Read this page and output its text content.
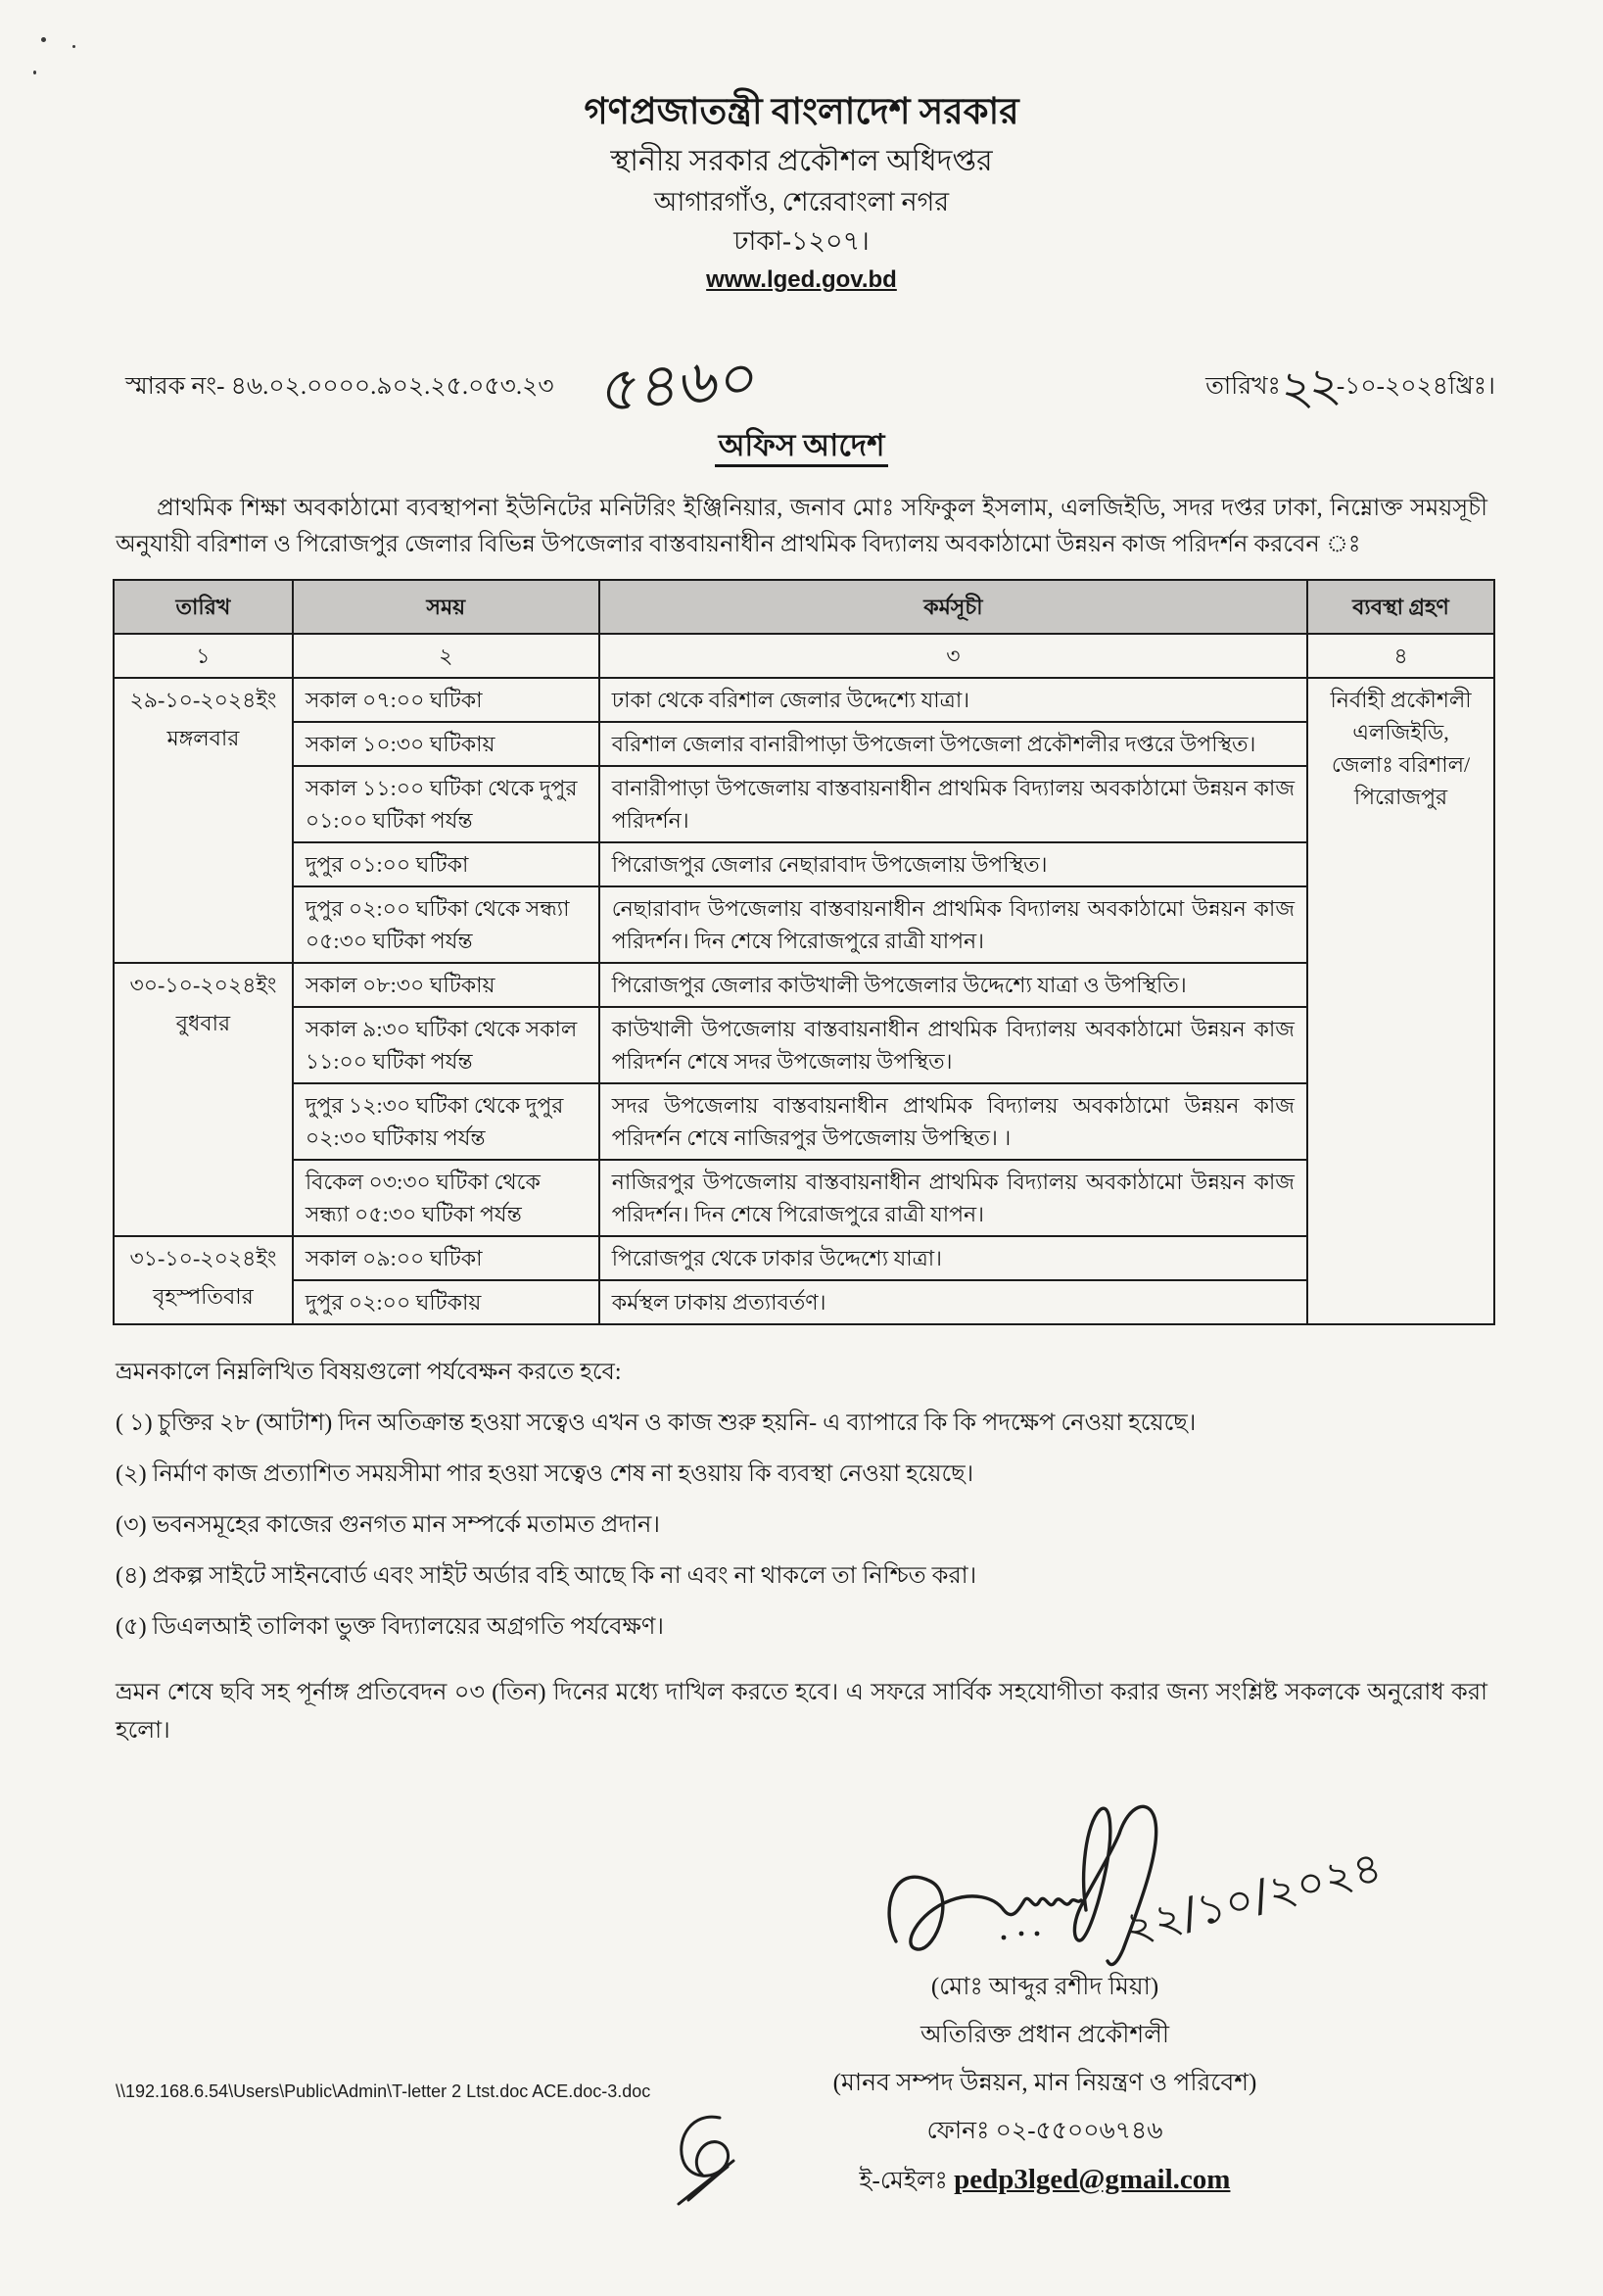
গণপ্রজাতন্ত্রী বাংলাদেশ সরকার
স্থানীয় সরকার প্রকৌশল অধিদপ্তর
আগারগাঁও, শেরেবাংলা নগর
ঢাকা-১২০৭।
www.lged.gov.bd
স্মারক নং- ৪৬.০২.০০০০.৯০২.২৫.০৫৩.২৩ ৫৪৬০	তারিখঃ২২-১০-২০২৪খ্রিঃ।
অফিস আদেশ

প্রাথমিক শিক্ষা অবকাঠামো ব্যবস্থাপনা ইউনিটের মনিটরিং ইঞ্জিনিয়ার, জনাব মোঃ সফিকুল ইসলাম, এলজিইডি, সদর দপ্তর ঢাকা, নিম্নোক্ত সময়সূচী অনুযায়ী বরিশাল ও পিরোজপুর জেলার বিভিন্ন উপজেলার বাস্তবায়নাধীন প্রাথমিক বিদ্যালয় অবকাঠামো উন্নয়ন কাজ পরিদর্শন করবেন ঃ

তারিখ	সময়	কর্মসূচী	ব্যবস্থা গ্রহণ
১	২	৩	৪
২৯-১০-২০২৪ইং
মঙ্গলবার
	সকাল ০৭:০০ ঘটিকা	ঢাকা থেকে বরিশাল জেলার উদ্দেশ্যে যাত্রা।	নির্বাহী প্রকৌশলী
এলজিইডি,
জেলাঃ বরিশাল/
পিরোজপুর

	সকাল ১০:৩০ ঘটিকায়	বরিশাল জেলার বানারীপাড়া উপজেলা উপজেলা প্রকৌশলীর দপ্তরে উপস্থিত।	
	সকাল ১১:০০ ঘটিকা থেকে দুপুর ০১:০০ ঘটিকা পর্যন্ত	বানারীপাড়া উপজেলায় বাস্তবায়নাধীন প্রাথমিক বিদ্যালয় অবকাঠামো উন্নয়ন কাজ পরিদর্শন।	
	দুপুর ০১:০০ ঘটিকা	পিরোজপুর জেলার নেছারাবাদ উপজেলায় উপস্থিত।	
	দুপুর ০২:০০ ঘটিকা থেকে সন্ধ্যা ০৫:৩০ ঘটিকা পর্যন্ত	নেছারাবাদ উপজেলায় বাস্তবায়নাধীন প্রাথমিক বিদ্যালয় অবকাঠামো উন্নয়ন কাজ পরিদর্শন। দিন শেষে পিরোজপুরে রাত্রী যাপন।	
৩০-১০-২০২৪ইং
বুধবার	সকাল ০৮:৩০ ঘটিকায়	পিরোজপুর জেলার কাউখালী উপজেলার উদ্দেশ্যে যাত্রা ও উপস্থিতি।	
	সকাল ৯:৩০ ঘটিকা থেকে সকাল ১১:০০ ঘটিকা পর্যন্ত	কাউখালী উপজেলায় বাস্তবায়নাধীন প্রাথমিক বিদ্যালয় অবকাঠামো উন্নয়ন কাজ পরিদর্শন শেষে সদর উপজেলায় উপস্থিত।	
	দুপুর ১২:৩০ ঘটিকা থেকে দুপুর ০২:৩০ ঘটিকায় পর্যন্ত	সদর উপজেলায় বাস্তবায়নাধীন প্রাথমিক বিদ্যালয় অবকাঠামো উন্নয়ন কাজ পরিদর্শন শেষে নাজিরপুর উপজেলায় উপস্থিত। ।	
	বিকেল ০৩:৩০ ঘটিকা থেকে সন্ধ্যা ০৫:৩০ ঘটিকা পর্যন্ত	নাজিরপুর উপজেলায় বাস্তবায়নাধীন প্রাথমিক বিদ্যালয় অবকাঠামো উন্নয়ন কাজ পরিদর্শন। দিন শেষে পিরোজপুরে রাত্রী যাপন।	
৩১-১০-২০২৪ইং
বৃহস্পতিবার	সকাল ০৯:০০ ঘটিকা	পিরোজপুর থেকে ঢাকার উদ্দেশ্যে যাত্রা।	
	দুপুর ০২:০০ ঘটিকায়	কর্মস্থল ঢাকায় প্রত্যাবর্তণ।	
ভ্রমনকালে নিম্নলিখিত বিষয়গুলো পর্যবেক্ষন করতে হবে:
( ১) চুক্তির ২৮ (আটাশ) দিন অতিক্রান্ত হওয়া সত্বেও এখন ও কাজ শুরু হয়নি- এ ব্যাপারে কি কি পদক্ষেপ নেওয়া হয়েছে।
(২) নির্মাণ কাজ প্রত্যাশিত সময়সীমা পার হওয়া সত্বেও শেষ না হওয়ায় কি ব্যবস্থা নেওয়া হয়েছে।
(৩) ভবনসমূহের কাজের গুনগত মান সম্পর্কে মতামত প্রদান।
(৪) প্রকল্প সাইটে সাইনবোর্ড এবং সাইট অর্ডার বহি আছে কি না এবং না থাকলে তা নিশ্চিত করা।
(৫) ডিএলআই তালিকা ভুক্ত বিদ্যালয়ের অগ্রগতি পর্যবেক্ষণ।

ভ্রমন শেষে ছবি সহ পূর্নাঙ্গ প্রতিবেদন ০৩ (তিন) দিনের মধ্যে দাখিল করতে হবে। এ সফরে সার্বিক সহযোগীতা করার জন্য সংশ্লিষ্ট সকলকে অনুরোধ করা হলো।

২২/১০/২০২৪
(মোঃ আব্দুর রশীদ মিয়া)
অতিরিক্ত প্রধান প্রকৌশলী
(মানব সম্পদ উন্নয়ন, মান নিয়ন্ত্রণ ও পরিবেশ)
ফোনঃ ০২-৫৫০০৬৭৪৬
ই-মেইলঃ pedp3lged@gmail.com
\\192.168.6.54\Users\Public\Admin\T-letter 2 Ltst.doc ACE.doc-3.doc
